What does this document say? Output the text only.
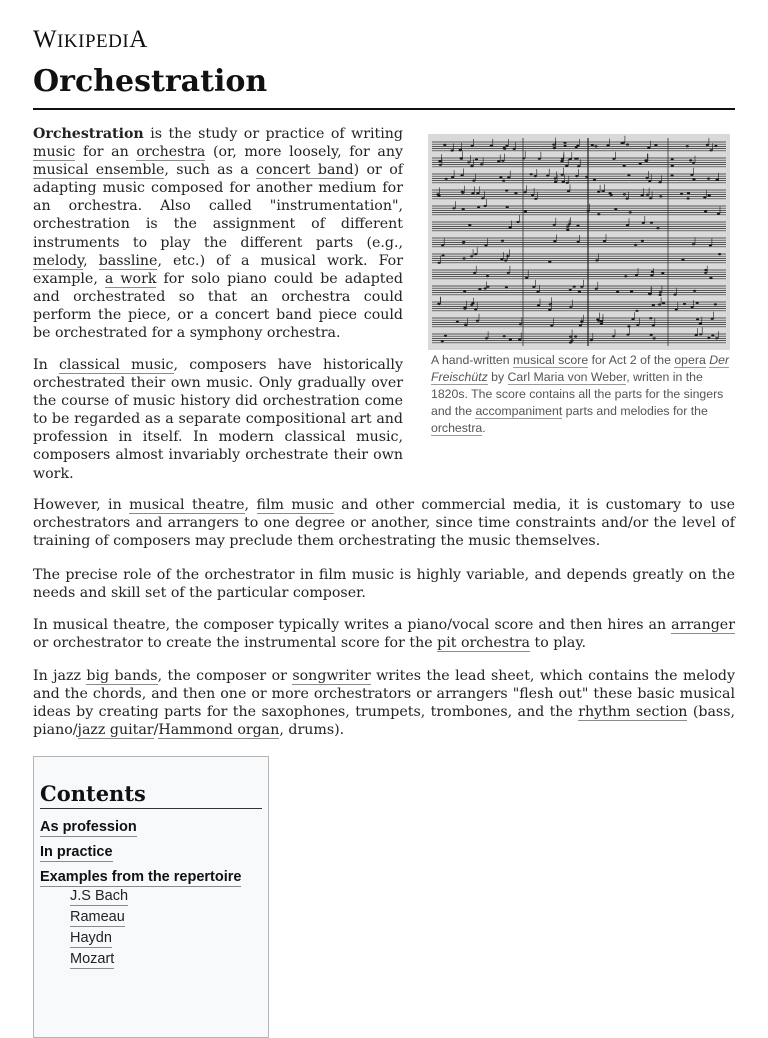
WIKIPEDIA
Orchestration

Orchestration is the study or practice of writing music for an orchestra (or, more loosely, for any musical ensemble, such as a concert band) or of adapting music composed for another medium for an orchestra. Also called "instrumentation", orchestration is the assignment of different instruments to play the different parts (e.g., melody, bassline, etc.) of a musical work. For example, a work for solo piano could be adapted and orchestrated so that an orchestra could perform the piece, or a concert band piece could be orchestrated for a symphony orchestra.

In classical music, composers have historically orchestrated their own music. Only gradually over the course of music history did orchestration come to be regarded as a separate compositional art and profession in itself. In modern classical music, composers almost invariably orchestrate their own work.

A hand-written musical score for Act 2 of the opera Der Freischütz by Carl Maria von Weber, written in the 1820s. The score contains all the parts for the singers and the accompaniment parts and melodies for the orchestra.

However, in musical theatre, film music and other commercial media, it is customary to use orchestrators and arrangers to one degree or another, since time constraints and/or the level of training of composers may preclude them orchestrating the music themselves.

The precise role of the orchestrator in film music is highly variable, and depends greatly on the needs and skill set of the particular composer.

In musical theatre, the composer typically writes a piano/vocal score and then hires an arranger or orchestrator to create the instrumental score for the pit orchestra to play.

In jazz big bands, the composer or songwriter writes the lead sheet, which contains the melody and the chords, and then one or more orchestrators or arrangers "flesh out" these basic musical ideas by creating parts for the saxophones, trumpets, trombones, and the rhythm section (bass, piano/jazz guitar/Hammond organ, drums).

Contents
As profession
In practice
Examples from the repertoire
J.S Bach
Rameau
Haydn
Mozart
